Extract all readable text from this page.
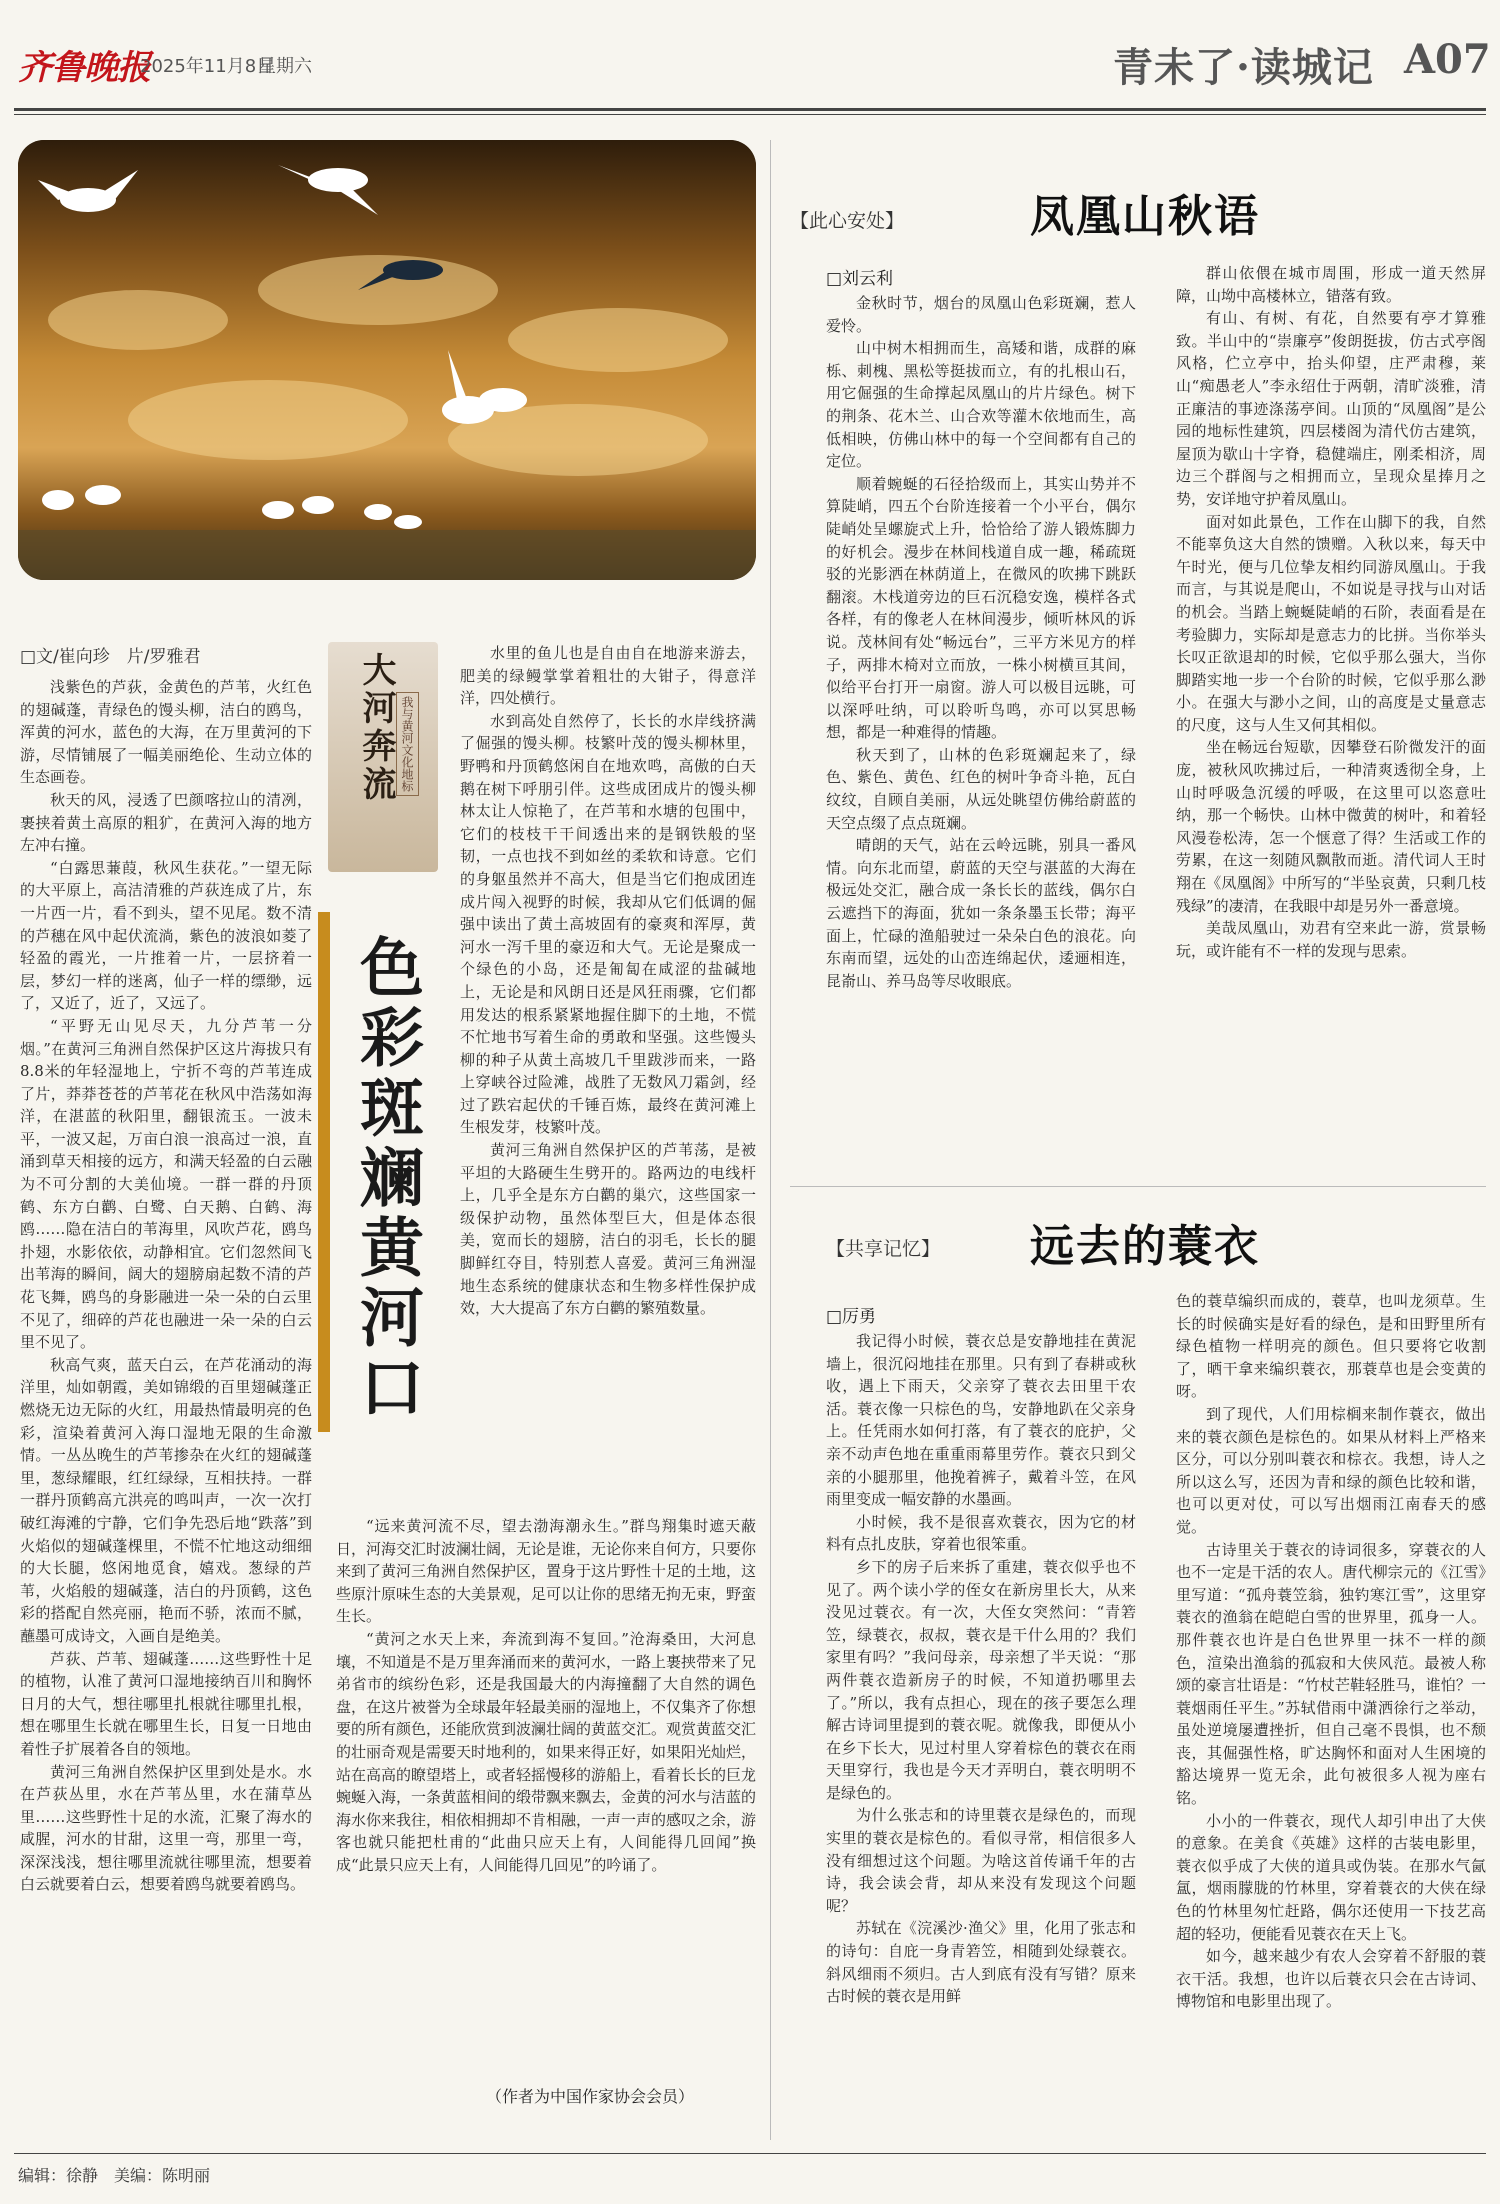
齐鲁晚报
2025年11月8日
星期六	青未了·读城记 A07
□文/崔向珍　片/罗雅君	大河奔流 我与黄河文化地标
色彩斑斓黄河口

浅紫色的芦荻，金黄色的芦苇，火红色的翅碱蓬，青绿色的馒头柳，洁白的鸥鸟，浑黄的河水，蓝色的大海，在万里黄河的下游，尽情铺展了一幅美丽绝伦、生动立体的生态画卷。

秋天的风，浸透了巴颜喀拉山的清冽，裹挟着黄土高原的粗犷，在黄河入海的地方左冲右撞。

“白露思蒹葭，秋风生获花。”一望无际的大平原上，高洁清雅的芦荻连成了片，东一片西一片，看不到头，望不见尾。数不清的芦穗在风中起伏流淌，紫色的波浪如菱了轻盈的霞光，一片推着一片，一层挤着一层，梦幻一样的迷离，仙子一样的缥缈，远了，又近了，近了，又远了。

“平野无山见尽天，九分芦苇一分烟。”在黄河三角洲自然保护区这片海拔只有8.8米的年轻湿地上，宁折不弯的芦苇连成了片，莽莽苍苍的芦苇花在秋风中浩荡如海洋，在湛蓝的秋阳里，翻银流玉。一波未平，一波又起，万亩白浪一浪高过一浪，直涌到草天相接的远方，和满天轻盈的白云融为不可分割的大美仙境。一群一群的丹顶鹤、东方白鹳、白鹭、白天鹅、白鹤、海鸥……隐在洁白的苇海里，风吹芦花，鸥鸟扑翅，水影依依，动静相宜。它们忽然间飞出苇海的瞬间，阔大的翅膀扇起数不清的芦花飞舞，鸥鸟的身影融进一朵一朵的白云里不见了，细碎的芦花也融进一朵一朵的白云里不见了。

秋高气爽，蓝天白云，在芦花涌动的海洋里，灿如朝霞，美如锦缎的百里翅碱蓬正燃烧无边无际的火红，用最热情最明亮的色彩，渲染着黄河入海口湿地无限的生命激情。一丛丛晚生的芦苇掺杂在火红的翅碱蓬里，葱绿耀眼，红红绿绿，互相扶持。一群一群丹顶鹤高亢洪亮的鸣叫声，一次一次打破红海滩的宁静，它们争先恐后地“跌落”到火焰似的翅碱蓬棵里，不慌不忙地这动细细的大长腿，悠闲地觅食，嬉戏。葱绿的芦苇，火焰般的翅碱蓬，洁白的丹顶鹤，这色彩的搭配自然亮丽，艳而不骄，浓而不腻，蘸墨可成诗文，入画自是绝美。

芦荻、芦苇、翅碱蓬……这些野性十足的植物，认准了黄河口湿地接纳百川和胸怀日月的大气，想往哪里扎根就往哪里扎根，想在哪里生长就在哪里生长，日复一日地由着性子扩展着各自的领地。

黄河三角洲自然保护区里到处是水。水在芦荻丛里，水在芦苇丛里，水在蒲草丛里……这些野性十足的水流，汇聚了海水的咸腥，河水的甘甜，这里一弯，那里一弯，深深浅浅，想往哪里流就往哪里流，想要着白云就要着白云，想要着鸥鸟就要着鸥鸟。

水里的鱼儿也是自由自在地游来游去，肥美的绿鳗掌掌着粗壮的大钳子，得意洋洋，四处横行。

水到高处自然停了，长长的水岸线挤满了倔强的馒头柳。枝繁叶茂的馒头柳林里，野鸭和丹顶鹤悠闲自在地欢鸣，高傲的白天鹅在树下呼朋引伴。这些成团成片的馒头柳林太让人惊艳了，在芦苇和水塘的包围中，它们的枝枝干干间透出来的是钢铁般的坚韧，一点也找不到如丝的柔软和诗意。它们的身躯虽然并不高大，但是当它们抱成团连成片闯入视野的时候，我却从它们低调的倔强中读出了黄土高坡固有的豪爽和浑厚，黄河水一泻千里的豪迈和大气。无论是聚成一个绿色的小岛，还是匍匐在咸涩的盐碱地上，无论是和风朗日还是风狂雨骤，它们都用发达的根系紧紧地握住脚下的土地，不慌不忙地书写着生命的勇敢和坚强。这些馒头柳的种子从黄土高坡几千里跋涉而来，一路上穿峡谷过险滩，战胜了无数风刀霜剑，经过了跌宕起伏的千锤百炼，最终在黄河滩上生根发芽，枝繁叶茂。

黄河三角洲自然保护区的芦苇荡，是被平坦的大路硬生生劈开的。路两边的电线杆上，几乎全是东方白鹳的巢穴，这些国家一级保护动物，虽然体型巨大，但是体态很美，宽而长的翅膀，洁白的羽毛，长长的腿脚鲜红夺目，特别惹人喜爱。黄河三角洲湿地生态系统的健康状态和生物多样性保护成效，大大提高了东方白鹳的繁殖数量。

“远来黄河流不尽，望去渤海潮永生。”群鸟翔集时遮天蔽日，河海交汇时波澜壮阔，无论是谁，无论你来自何方，只要你来到了黄河三角洲自然保护区，置身于这片野性十足的土地，这些原汁原味生态的大美景观，足可以让你的思绪无拘无束，野蛮生长。

“黄河之水天上来，奔流到海不复回。”沧海桑田，大河息壤，不知道是不是万里奔涌而来的黄河水，一路上裹挟带来了兄弟省市的缤纷色彩，还是我国最大的内海撞翻了大自然的调色盘，在这片被誉为全球最年轻最美丽的湿地上，不仅集齐了你想要的所有颜色，还能欣赏到波澜壮阔的黄蓝交汇。观赏黄蓝交汇的壮丽奇观是需要天时地利的，如果来得正好，如果阳光灿烂，站在高高的瞭望塔上，或者轻摇慢移的游船上，看着长长的巨龙蜿蜒入海，一条黄蓝相间的缎带飘来飘去，金黄的河水与洁蓝的海水你来我往，相依相拥却不肯相融，一声一声的感叹之余，游客也就只能把杜甫的“此曲只应天上有，人间能得几回闻”换成“此景只应天上有，人间能得几回见”的吟诵了。

（作者为中国作家协会会员）
【此心安处】	凤凰山秋语
□刘云利

金秋时节，烟台的凤凰山色彩斑斓，惹人爱怜。

山中树木相拥而生，高矮和谐，成群的麻栎、刺槐、黑松等挺拔而立，有的扎根山石，用它倔强的生命撑起凤凰山的片片绿色。树下的荆条、花木兰、山合欢等灌木依地而生，高低相映，仿佛山林中的每一个空间都有自己的定位。

顺着蜿蜒的石径拾级而上，其实山势并不算陡峭，四五个台阶连接着一个小平台，偶尔陡峭处呈螺旋式上升，恰恰给了游人锻炼脚力的好机会。漫步在林间栈道自成一趣，稀疏斑驳的光影洒在林荫道上，在微风的吹拂下跳跃翻滚。木栈道旁边的巨石沉稳安逸，模样各式各样，有的像老人在林间漫步，倾听林风的诉说。茂林间有处“畅远台”，三平方米见方的样子，两排木椅对立而放，一株小树横亘其间，似给平台打开一扇窗。游人可以极目远眺，可以深呼吐纳，可以聆听鸟鸣，亦可以冥思畅想，都是一种难得的情趣。

秋天到了，山林的色彩斑斓起来了，绿色、紫色、黄色、红色的树叶争奇斗艳，瓦白纹纹，自顾自美丽，从远处眺望仿佛给蔚蓝的天空点缀了点点斑斓。

晴朗的天气，站在云岭远眺，别具一番风情。向东北而望，蔚蓝的天空与湛蓝的大海在极远处交汇，融合成一条长长的蓝线，偶尔白云遮挡下的海面，犹如一条条墨玉长带；海平面上，忙碌的渔船驶过一朵朵白色的浪花。向东南而望，远处的山峦连绵起伏，逶逦相连，昆嵛山、养马岛等尽收眼底。

群山依偎在城市周围，形成一道天然屏障，山坳中高楼林立，错落有致。

有山、有树、有花，自然要有亭才算雅致。半山中的“崇廉亭”俊朗挺拔，仿古式亭阁风格，伫立亭中，抬头仰望，庄严肃穆，莱山“痴愚老人”李永绍仕于两朝，清旷淡雅，清正廉洁的事迹涤荡亭间。山顶的“凤凰阁”是公园的地标性建筑，四层楼阁为清代仿古建筑，屋顶为歇山十字脊，稳健端庄，刚柔相济，周边三个群阁与之相拥而立，呈现众星捧月之势，安详地守护着凤凰山。

面对如此景色，工作在山脚下的我，自然不能辜负这大自然的馈赠。入秋以来，每天中午时光，便与几位挚友相约同游凤凰山。于我而言，与其说是爬山，不如说是寻找与山对话的机会。当踏上蜿蜒陡峭的石阶，表面看是在考验脚力，实际却是意志力的比拼。当你举头长叹正欲退却的时候，它似乎那么强大，当你脚踏实地一步一个台阶的时候，它似乎那么渺小。在强大与渺小之间，山的高度是丈量意志的尺度，这与人生又何其相似。

坐在畅远台短歇，因攀登石阶微发汗的面庞，被秋风吹拂过后，一种清爽透彻全身，上山时呼吸急沉缓的呼吸，在这里可以恣意吐纳，那一个畅快。山林中微黄的树叶，和着轻风漫卷松涛，怎一个惬意了得？生活或工作的劳累，在这一刻随风飘散而逝。清代词人王时翔在《凤凰阁》中所写的“半坠哀黄，只剩几枝残绿”的凄清，在我眼中却是另外一番意境。

美哉凤凰山，劝君有空来此一游，赏景畅玩，或许能有不一样的发现与思索。

【共享记忆】 远去的蓑衣
□厉勇

我记得小时候，蓑衣总是安静地挂在黄泥墙上，很沉闷地挂在那里。只有到了春耕或秋收，遇上下雨天，父亲穿了蓑衣去田里干农活。蓑衣像一只棕色的鸟，安静地趴在父亲身上。任凭雨水如何打落，有了蓑衣的庇护，父亲不动声色地在重重雨幕里劳作。蓑衣只到父亲的小腿那里，他挽着裤子，戴着斗笠，在风雨里变成一幅安静的水墨画。

小时候，我不是很喜欢蓑衣，因为它的材料有点扎皮肤，穿着也很笨重。

乡下的房子后来拆了重建，蓑衣似乎也不见了。两个读小学的侄女在新房里长大，从来没见过蓑衣。有一次，大侄女突然问：“青箬笠，绿蓑衣，叔叔，蓑衣是干什么用的？我们家里有吗？”我问母亲，母亲想了半天说：“那两件蓑衣造新房子的时候，不知道扔哪里去了。”所以，我有点担心，现在的孩子要怎么理解古诗词里提到的蓑衣呢。就像我，即便从小在乡下长大，见过村里人穿着棕色的蓑衣在雨天里穿行，我也是今天才弄明白，蓑衣明明不是绿色的。

为什么张志和的诗里蓑衣是绿色的，而现实里的蓑衣是棕色的。看似寻常，相信很多人没有细想过这个问题。为啥这首传诵千年的古诗，我会读会背，却从来没有发现这个问题呢？

苏轼在《浣溪沙·渔父》里，化用了张志和的诗句：自庇一身青箬笠，相随到处绿蓑衣。斜风细雨不须归。古人到底有没有写错？原来古时候的蓑衣是用鲜

色的蓑草编织而成的，蓑草，也叫龙须草。生长的时候确实是好看的绿色，是和田野里所有绿色植物一样明亮的颜色。但只要将它收割了，晒干拿来编织蓑衣，那蓑草也是会变黄的呀。

到了现代，人们用棕榈来制作蓑衣，做出来的蓑衣颜色是棕色的。如果从材料上严格来区分，可以分别叫蓑衣和棕衣。我想，诗人之所以这么写，还因为青和绿的颜色比较和谐，也可以更对仗，可以写出烟雨江南春天的感觉。

古诗里关于蓑衣的诗词很多，穿蓑衣的人也不一定是干活的农人。唐代柳宗元的《江雪》里写道：“孤舟蓑笠翁，独钓寒江雪”，这里穿蓑衣的渔翁在皑皑白雪的世界里，孤身一人。那件蓑衣也许是白色世界里一抹不一样的颜色，渲染出渔翁的孤寂和大侠风范。最被人称颂的豪言壮语是：“竹杖芒鞋轻胜马，谁怕？一蓑烟雨任平生。”苏轼借雨中潇洒徐行之举动，虽处逆境屡遭挫折，但自己毫不畏惧，也不颓丧，其倔强性格，旷达胸怀和面对人生困境的豁达境界一览无余，此句被很多人视为座右铭。

小小的一件蓑衣，现代人却引申出了大侠的意象。在美食《英雄》这样的古装电影里，蓑衣似乎成了大侠的道具或伪装。在那水气氤氲，烟雨朦胧的竹林里，穿着蓑衣的大侠在绿色的竹林里匆忙赶路，偶尔还使用一下技艺高超的轻功，便能看见蓑衣在天上飞。

如今，越来越少有农人会穿着不舒服的蓑衣干活。我想，也许以后蓑衣只会在古诗词、博物馆和电影里出现了。

编辑：徐静　美编：陈明丽
